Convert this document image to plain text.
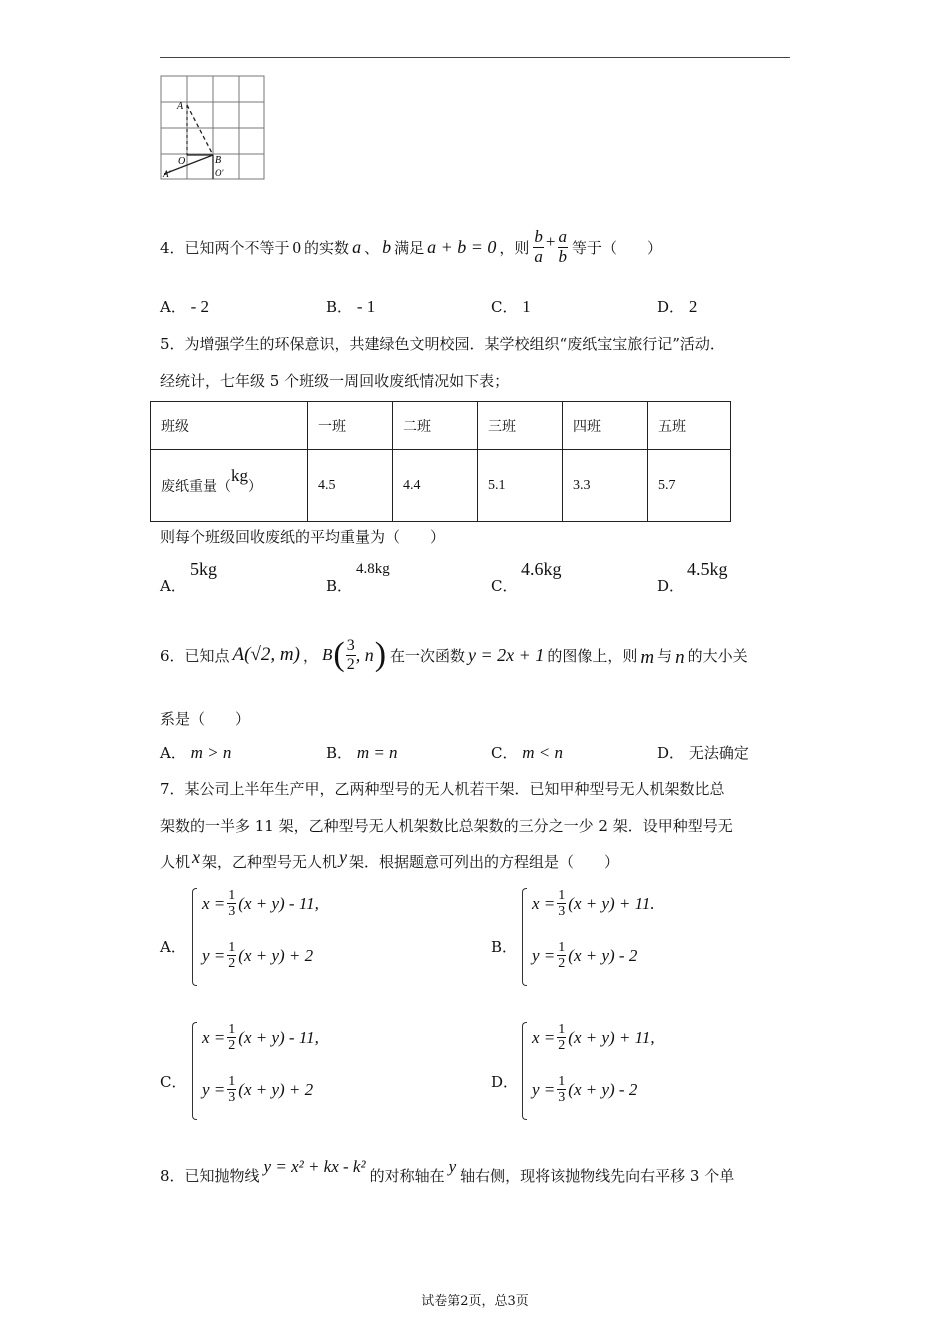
A
O	B
A'	O'
4．已知两个不等于 0 的实数 a 、 b 满足 a + b = 0 ，则 $\frac{b}{a} + \frac{a}{b}$ 等于（　　）
A． - 2	B． - 1	C． 1	D． 2
5．为增强学生的环保意识，共建绿色文明校园．某学校组织“废纸宝宝旅行记”活动．
经统计，七年级 5 个班级一周回收废纸情况如下表；
班级	一班	二班	三班	四班	五班
废纸重量（kg）	4.5	4.4	5.1	3.3	5.7
则每个班级回收废纸的平均重量为（　　）
A．
5kg
B．
4.8kg
C．
4.6kg
D．
4.5kg
6．已知点 A(√2, m) ， B ( $\frac{3}{2}$ , n ) 在一次函数 y = 2x + 1 的图像上，则 m 与 n 的大小关
系是（　　）
A． m > n	B． m = n	C． m < n	D． 无法确定
7．某公司上半年生产甲，乙两种型号的无人机若干架．已知甲种型号无人机架数比总
架数的一半多 11 架，乙种型号无人机架数比总架数的三分之一少 2 架．设甲种型号无
人机 x 架，乙种型号无人机 y 架．根据题意可列出的方程组是（　　）
A．
$x = \frac{1}{3} (x + y) - 11$,
$y = \frac{1}{2} (x + y) + 2$	B．
$x = \frac{1}{3} (x + y) + 11$.
$y = \frac{1}{2} (x + y) - 2$
C．
$x = \frac{1}{2} (x + y) - 11$,
$y = \frac{1}{3} (x + y) + 2$	D．
$x = \frac{1}{2} (x + y) + 11$,
$y = \frac{1}{3} (x + y) - 2$
8．已知抛物线 y = x² + kx - k² 的对称轴在 y 轴右侧，现将该抛物线先向右平移 3 个单
试卷第2页，总3页
